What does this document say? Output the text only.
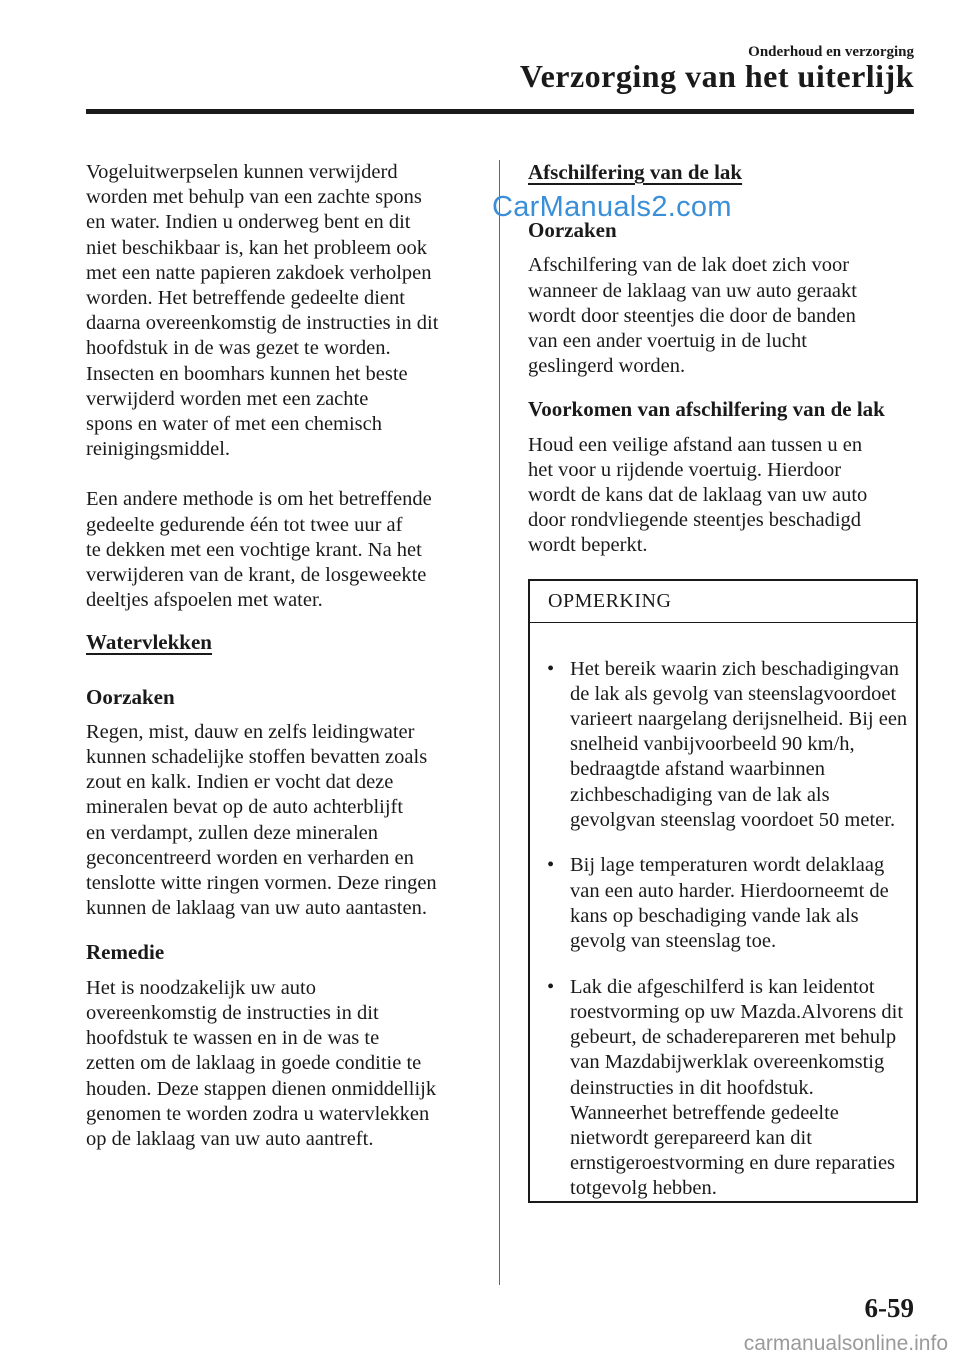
Onderhoud en verzorging
Verzorging van het uiterlijk

Vogeluitwerpselen kunnen verwijderd
worden met behulp van een zachte spons
en water. Indien u onderweg bent en dit
niet beschikbaar is, kan het probleem ook
met een natte papieren zakdoek verholpen
worden. Het betreffende gedeelte dient
daarna overeenkomstig de instructies in dit
hoofdstuk in de was gezet te worden.
Insecten en boomhars kunnen het beste
verwijderd worden met een zachte
spons en water of met een chemisch
reinigingsmiddel.

Een andere methode is om het betreffende
gedeelte gedurende één tot twee uur af
te dekken met een vochtige krant. Na het
verwijderen van de krant, de losgeweekte
deeltjes afspoelen met water.

Watervlekken
Oorzaken

Regen, mist, dauw en zelfs leidingwater
kunnen schadelijke stoffen bevatten zoals
zout en kalk. Indien er vocht dat deze
mineralen bevat op de auto achterblijft
en verdampt, zullen deze mineralen
geconcentreerd worden en verharden en
tenslotte witte ringen vormen. Deze ringen
kunnen de laklaag van uw auto aantasten.

Remedie

Het is noodzakelijk uw auto
overeenkomstig de instructies in dit
hoofdstuk te wassen en in de was te
zetten om de laklaag in goede conditie te
houden. Deze stappen dienen onmiddellijk
genomen te worden zodra u watervlekken
op de laklaag van uw auto aantreft.

Afschilfering van de lak
Oorzaken

Afschilfering van de lak doet zich voor
wanneer de laklaag van uw auto geraakt
wordt door steentjes die door de banden
van een ander voertuig in de lucht
geslingerd worden.

Voorkomen van afschilfering van de lak

Houd een veilige afstand aan tussen u en
het voor u rijdende voertuig. Hierdoor
wordt de kans dat de laklaag van uw auto
door rondvliegende steentjes beschadigd
wordt beperkt.

CarManuals2.com
OPMERKING
• Het bereik waarin zich beschadigingvan de lak als gevolg van steenslagvoordoet varieert naargelang derijsnelheid. Bij een snelheid vanbijvoorbeeld 90 km/h, bedraagtde afstand waarbinnen zichbeschadiging van de lak als gevolgvan steenslag voordoet 50 meter.

• Bij lage temperaturen wordt delaklaag van een auto harder. Hierdoorneemt de kans op beschadiging vande lak als gevolg van steenslag toe.

• Lak die afgeschilferd is kan leidentot roestvorming op uw Mazda.Alvorens dit gebeurt, de schaderepareren met behulp van Mazdabijwerklak overeenkomstig deinstructies in dit hoofdstuk. Wanneerhet betreffende gedeelte nietwordt gerepareerd kan dit ernstigeroestvorming en dure reparaties totgevolg hebben.

6-59
carmanualsonline.info
